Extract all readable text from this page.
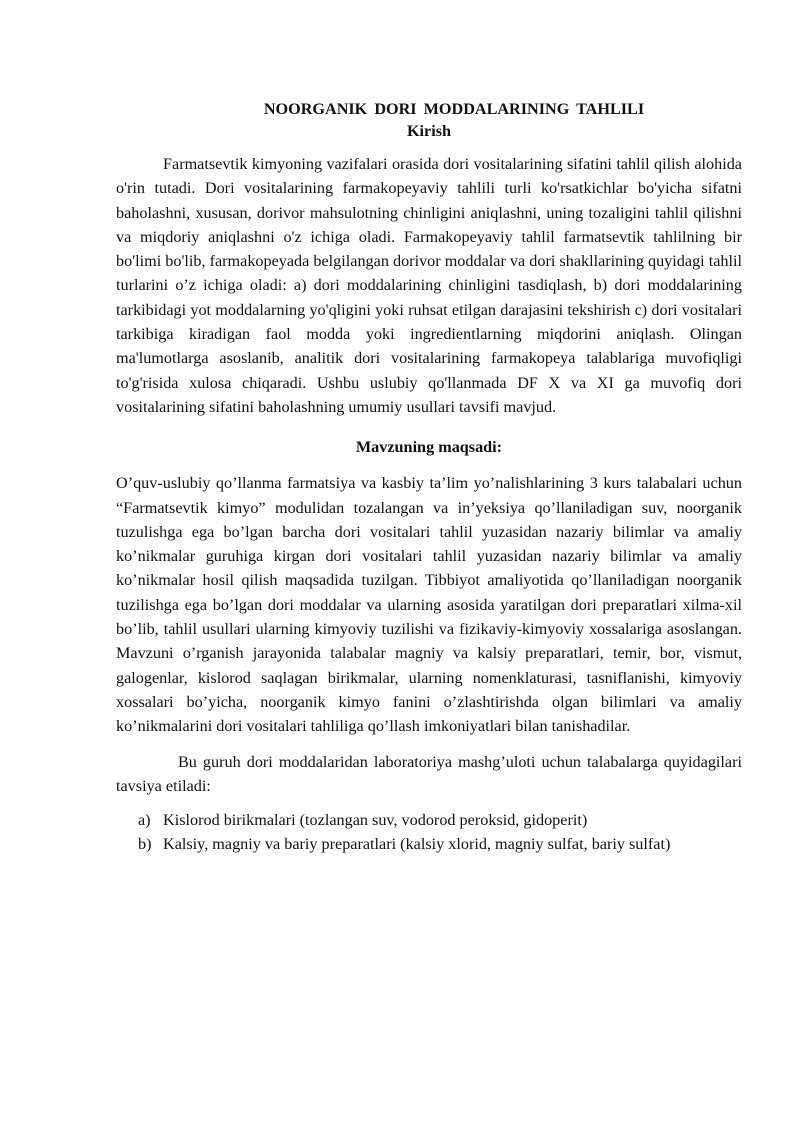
NOORGANIK DORI MODDALARINING TAHLILI

Kirish

Farmatsevtik kimyoning vazifalari orasida dori vositalarining sifatini tahlil qilish alohida o'rin tutadi. Dori vositalarining farmakopeyaviy tahlili turli ko'rsatkichlar bo'yicha sifatni baholashni, xususan, dorivor mahsulotning chinligini aniqlashni, uning tozaligini tahlil qilishni va miqdoriy aniqlashni o'z ichiga oladi. Farmakopeyaviy tahlil farmatsevtik tahlilning bir bo'limi bo'lib, farmakopeyada belgilangan dorivor moddalar va dori shakllarining quyidagi tahlil turlarini o’z ichiga oladi: a) dori moddalarining chinligini tasdiqlash, b) dori moddalarining tarkibidagi yot moddalarning yo'qligini yoki ruhsat etilgan darajasini tekshirish c) dori vositalari tarkibiga kiradigan faol modda yoki ingredientlarning miqdorini aniqlash. Olingan ma'lumotlarga asoslanib, analitik dori vositalarining farmakopeya talablariga muvofiqligi to'g'risida xulosa chiqaradi. Ushbu uslubiy qo'llanmada DF X va XI ga muvofiq dori vositalarining sifatini baholashning umumiy usullari tavsifi mavjud.

Mavzuning maqsadi:

O’quv-uslubiy qo’llanma farmatsiya va kasbiy ta’lim yo’nalishlarining 3 kurs talabalari uchun “Farmatsevtik kimyo” modulidan tozalangan va in’yeksiya qo’llaniladigan suv, noorganik tuzulishga ega bo’lgan barcha dori vositalari tahlil yuzasidan nazariy bilimlar va amaliy ko’nikmalar guruhiga kirgan dori vositalari tahlil yuzasidan nazariy bilimlar va amaliy ko’nikmalar hosil qilish maqsadida tuzilgan. Tibbiyot amaliyotida qo’llaniladigan noorganik tuzilishga ega bo’lgan dori moddalar va ularning asosida yaratilgan dori preparatlari xilma-xil bo’lib, tahlil usullari ularning kimyoviy tuzilishi va fizikaviy-kimyoviy xossalariga asoslangan. Mavzuni o’rganish jarayonida talabalar magniy va kalsiy preparatlari, temir, bor, vismut, galogenlar, kislorod saqlagan birikmalar, ularning nomenklaturasi, tasniflanishi, kimyoviy xossalari bo’yicha, noorganik kimyo fanini o’zlashtirishda olgan bilimlari va amaliy ko’nikmalarini dori vositalari tahliliga qo’llash imkoniyatlari bilan tanishadilar.

Bu guruh dori moddalaridan laboratoriya mashg’uloti uchun talabalarga quyidagilari tavsiya etiladi:

a) Kislorod birikmalari (tozlangan suv, vodorod peroksid, gidoperit)
b) Kalsiy, magniy va bariy preparatlari (kalsiy xlorid, magniy sulfat, bariy sulfat)
